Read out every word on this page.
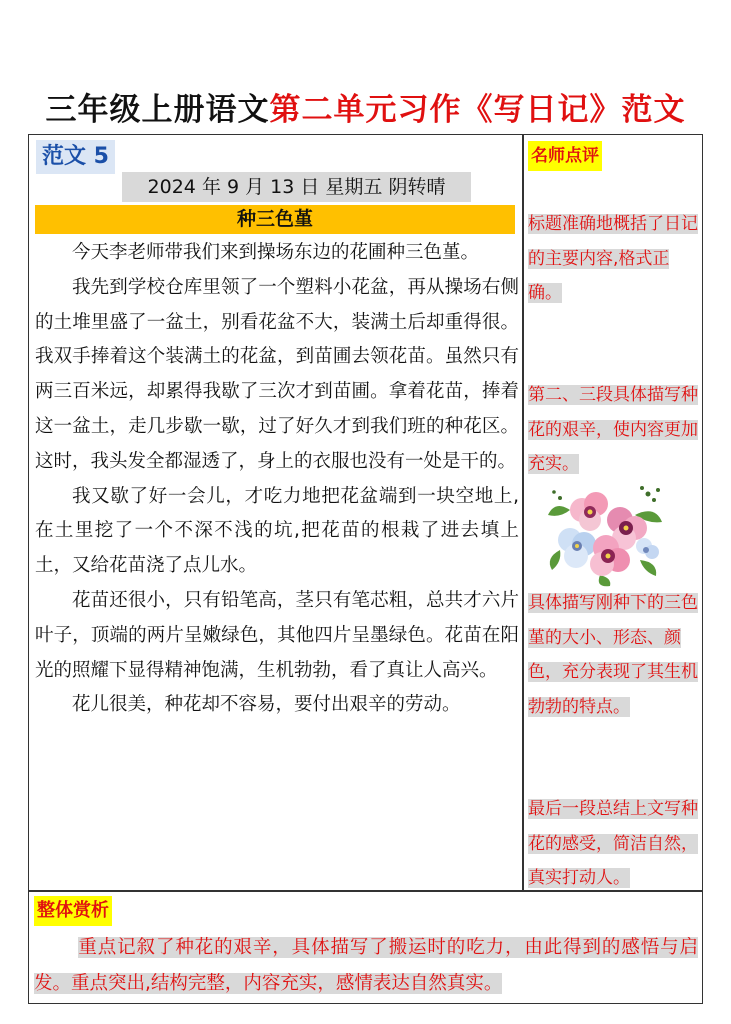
三年级上册语文第二单元习作《写日记》范文
范文 5
2024 年 9 月 13 日 星期五 阴转晴
种三色堇

今天李老师带我们来到操场东边的花圃种三色堇。

我先到学校仓库里领了一个塑料小花盆，再从操场右侧的土堆里盛了一盆土，别看花盆不大，装满土后却重得很。我双手捧着这个装满土的花盆，到苗圃去领花苗。虽然只有两三百米远，却累得我歇了三次才到苗圃。拿着花苗，捧着这一盆土，走几步歇一歇，过了好久才到我们班的种花区。这时，我头发全都湿透了，身上的衣服也没有一处是干的。

我又歇了好一会儿，才吃力地把花盆端到一块空地上,在土里挖了一个不深不浅的坑,把花苗的根栽了进去填上土，又给花苗浇了点儿水。

花苗还很小，只有铅笔高，茎只有笔芯粗，总共才六片叶子，顶端的两片呈嫩绿色，其他四片呈墨绿色。花苗在阳光的照耀下显得精神饱满，生机勃勃，看了真让人高兴。

花儿很美，种花却不容易，要付出艰辛的劳动。

名师点评
标题准确地概括了日记的主要内容,格式正确。
第二、三段具体描写种花的艰辛，使内容更加充实。
具体描写刚种下的三色堇的大小、形态、颜色，充分表现了其生机勃勃的特点。
最后一段总结上文写种花的感受，简洁自然，真实打动人。
整体赏析

重点记叙了种花的艰辛，具体描写了搬运时的吃力，由此得到的感悟与启发。重点突出,结构完整，内容充实，感情表达自然真实。
